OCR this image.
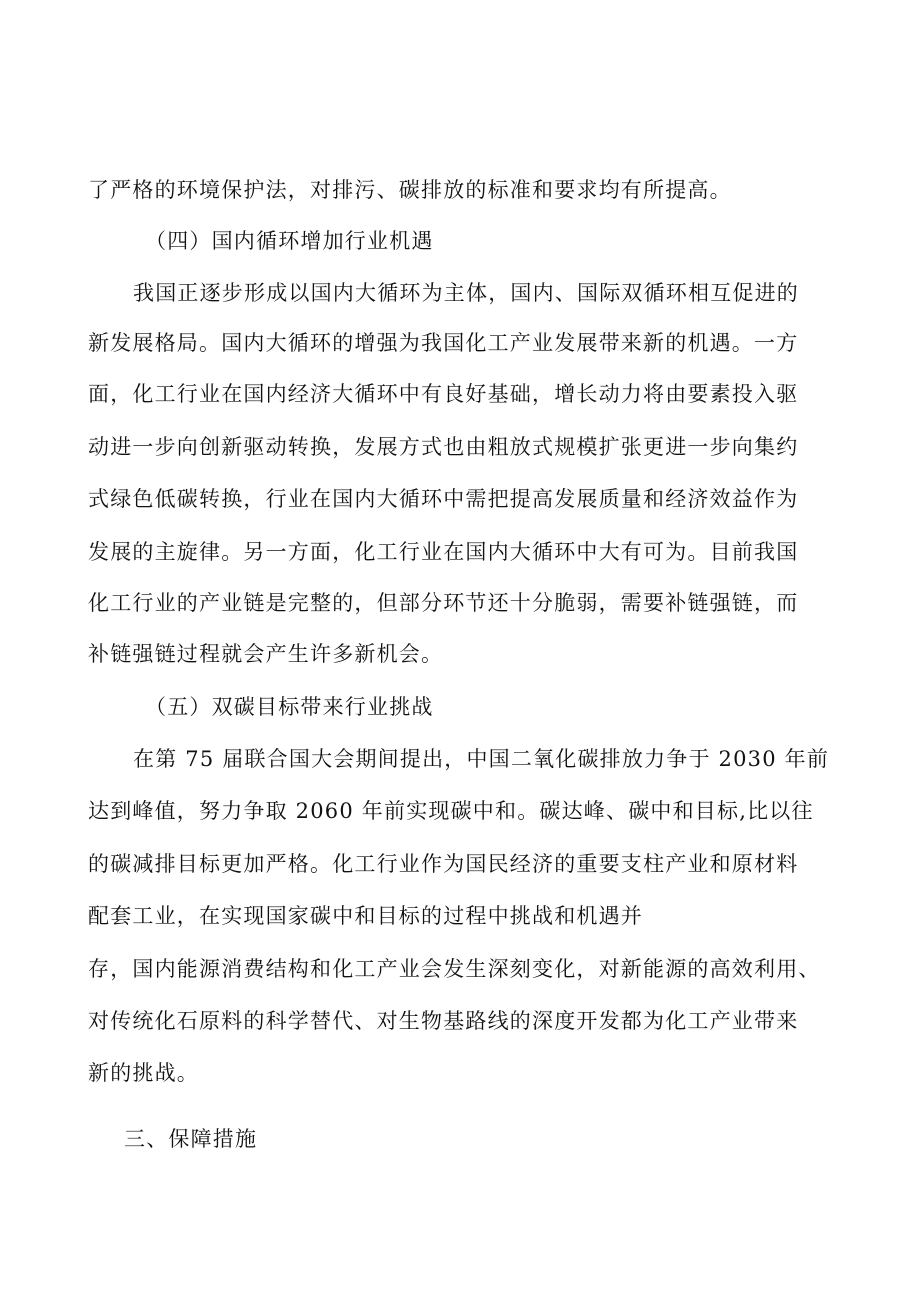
了严格的环境保护法，对排污、碳排放的标准和要求均有所提高。
（四）国内循环增加行业机遇
我国正逐步形成以国内大循环为主体，国内、国际双循环相互促进的
新发展格局。国内大循环的增强为我国化工产业发展带来新的机遇。一方
面，化工行业在国内经济大循环中有良好基础，增长动力将由要素投入驱
动进一步向创新驱动转换，发展方式也由粗放式规模扩张更进一步向集约
式绿色低碳转换，行业在国内大循环中需把提高发展质量和经济效益作为
发展的主旋律。另一方面，化工行业在国内大循环中大有可为。目前我国
化工行业的产业链是完整的，但部分环节还十分脆弱，需要补链强链，而
补链强链过程就会产生许多新机会。
（五）双碳目标带来行业挑战
在第 75 届联合国大会期间提出，中国二氧化碳排放力争于 2030 年前
达到峰值，努力争取 2060 年前实现碳中和。碳达峰、碳中和目标,比以往
的碳减排目标更加严格。化工行业作为国民经济的重要支柱产业和原材料
配套工业，在实现国家碳中和目标的过程中挑战和机遇并
存，国内能源消费结构和化工产业会发生深刻变化，对新能源的高效利用、
对传统化石原料的科学替代、对生物基路线的深度开发都为化工产业带来
新的挑战。
三、保障措施
